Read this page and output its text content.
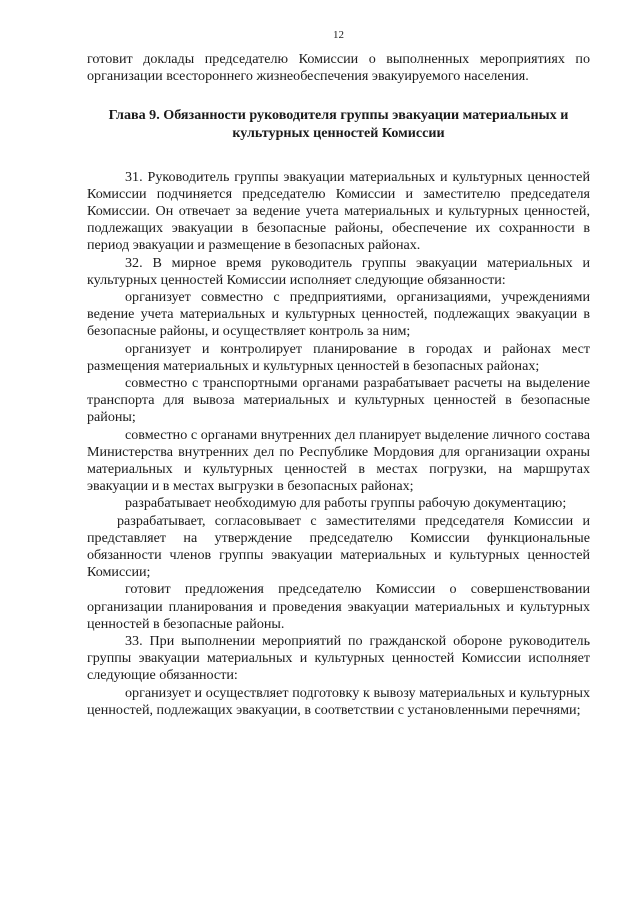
12

готовит доклады председателю Комиссии о выполненных мероприятиях по организации всестороннего жизнеобеспечения эвакуируемого населения.

Глава 9. Обязанности руководителя группы эвакуации материальных и культурных ценностей Комиссии

31. Руководитель группы эвакуации материальных и культурных ценностей Комиссии подчиняется председателю Комиссии и заместителю председателя Комиссии. Он отвечает за ведение учета материальных и культурных ценностей, подлежащих эвакуации в безопасные районы, обеспечение их сохранности в период эвакуации и размещение в безопасных районах.

32. В мирное время руководитель группы эвакуации материальных и культурных ценностей Комиссии исполняет следующие обязанности:

организует совместно с предприятиями, организациями, учреждениями ведение учета материальных и культурных ценностей, подлежащих эвакуации в безопасные районы, и осуществляет контроль за ним;

организует и контролирует планирование в городах и районах мест размещения материальных и культурных ценностей в безопасных районах;

совместно с транспортными органами разрабатывает расчеты на выделение транспорта для вывоза материальных и культурных ценностей в безопасные районы;

совместно с органами внутренних дел планирует выделение личного состава Министерства внутренних дел по Республике Мордовия для организации охраны материальных и культурных ценностей в местах погрузки, на маршрутах эвакуации и в местах выгрузки в безопасных районах;

разрабатывает необходимую для работы группы рабочую документацию;

разрабатывает, согласовывает с заместителями председателя Комиссии и представляет на утверждение председателю Комиссии функциональные обязанности членов группы эвакуации материальных и культурных ценностей Комиссии;

готовит предложения председателю Комиссии о совершенствовании организации планирования и проведения эвакуации материальных и культурных ценностей в безопасные районы.

33. При выполнении мероприятий по гражданской обороне руководитель группы эвакуации материальных и культурных ценностей Комиссии исполняет следующие обязанности:

организует и осуществляет подготовку к вывозу материальных и культурных ценностей, подлежащих эвакуации, в соответствии с установленными перечнями;
